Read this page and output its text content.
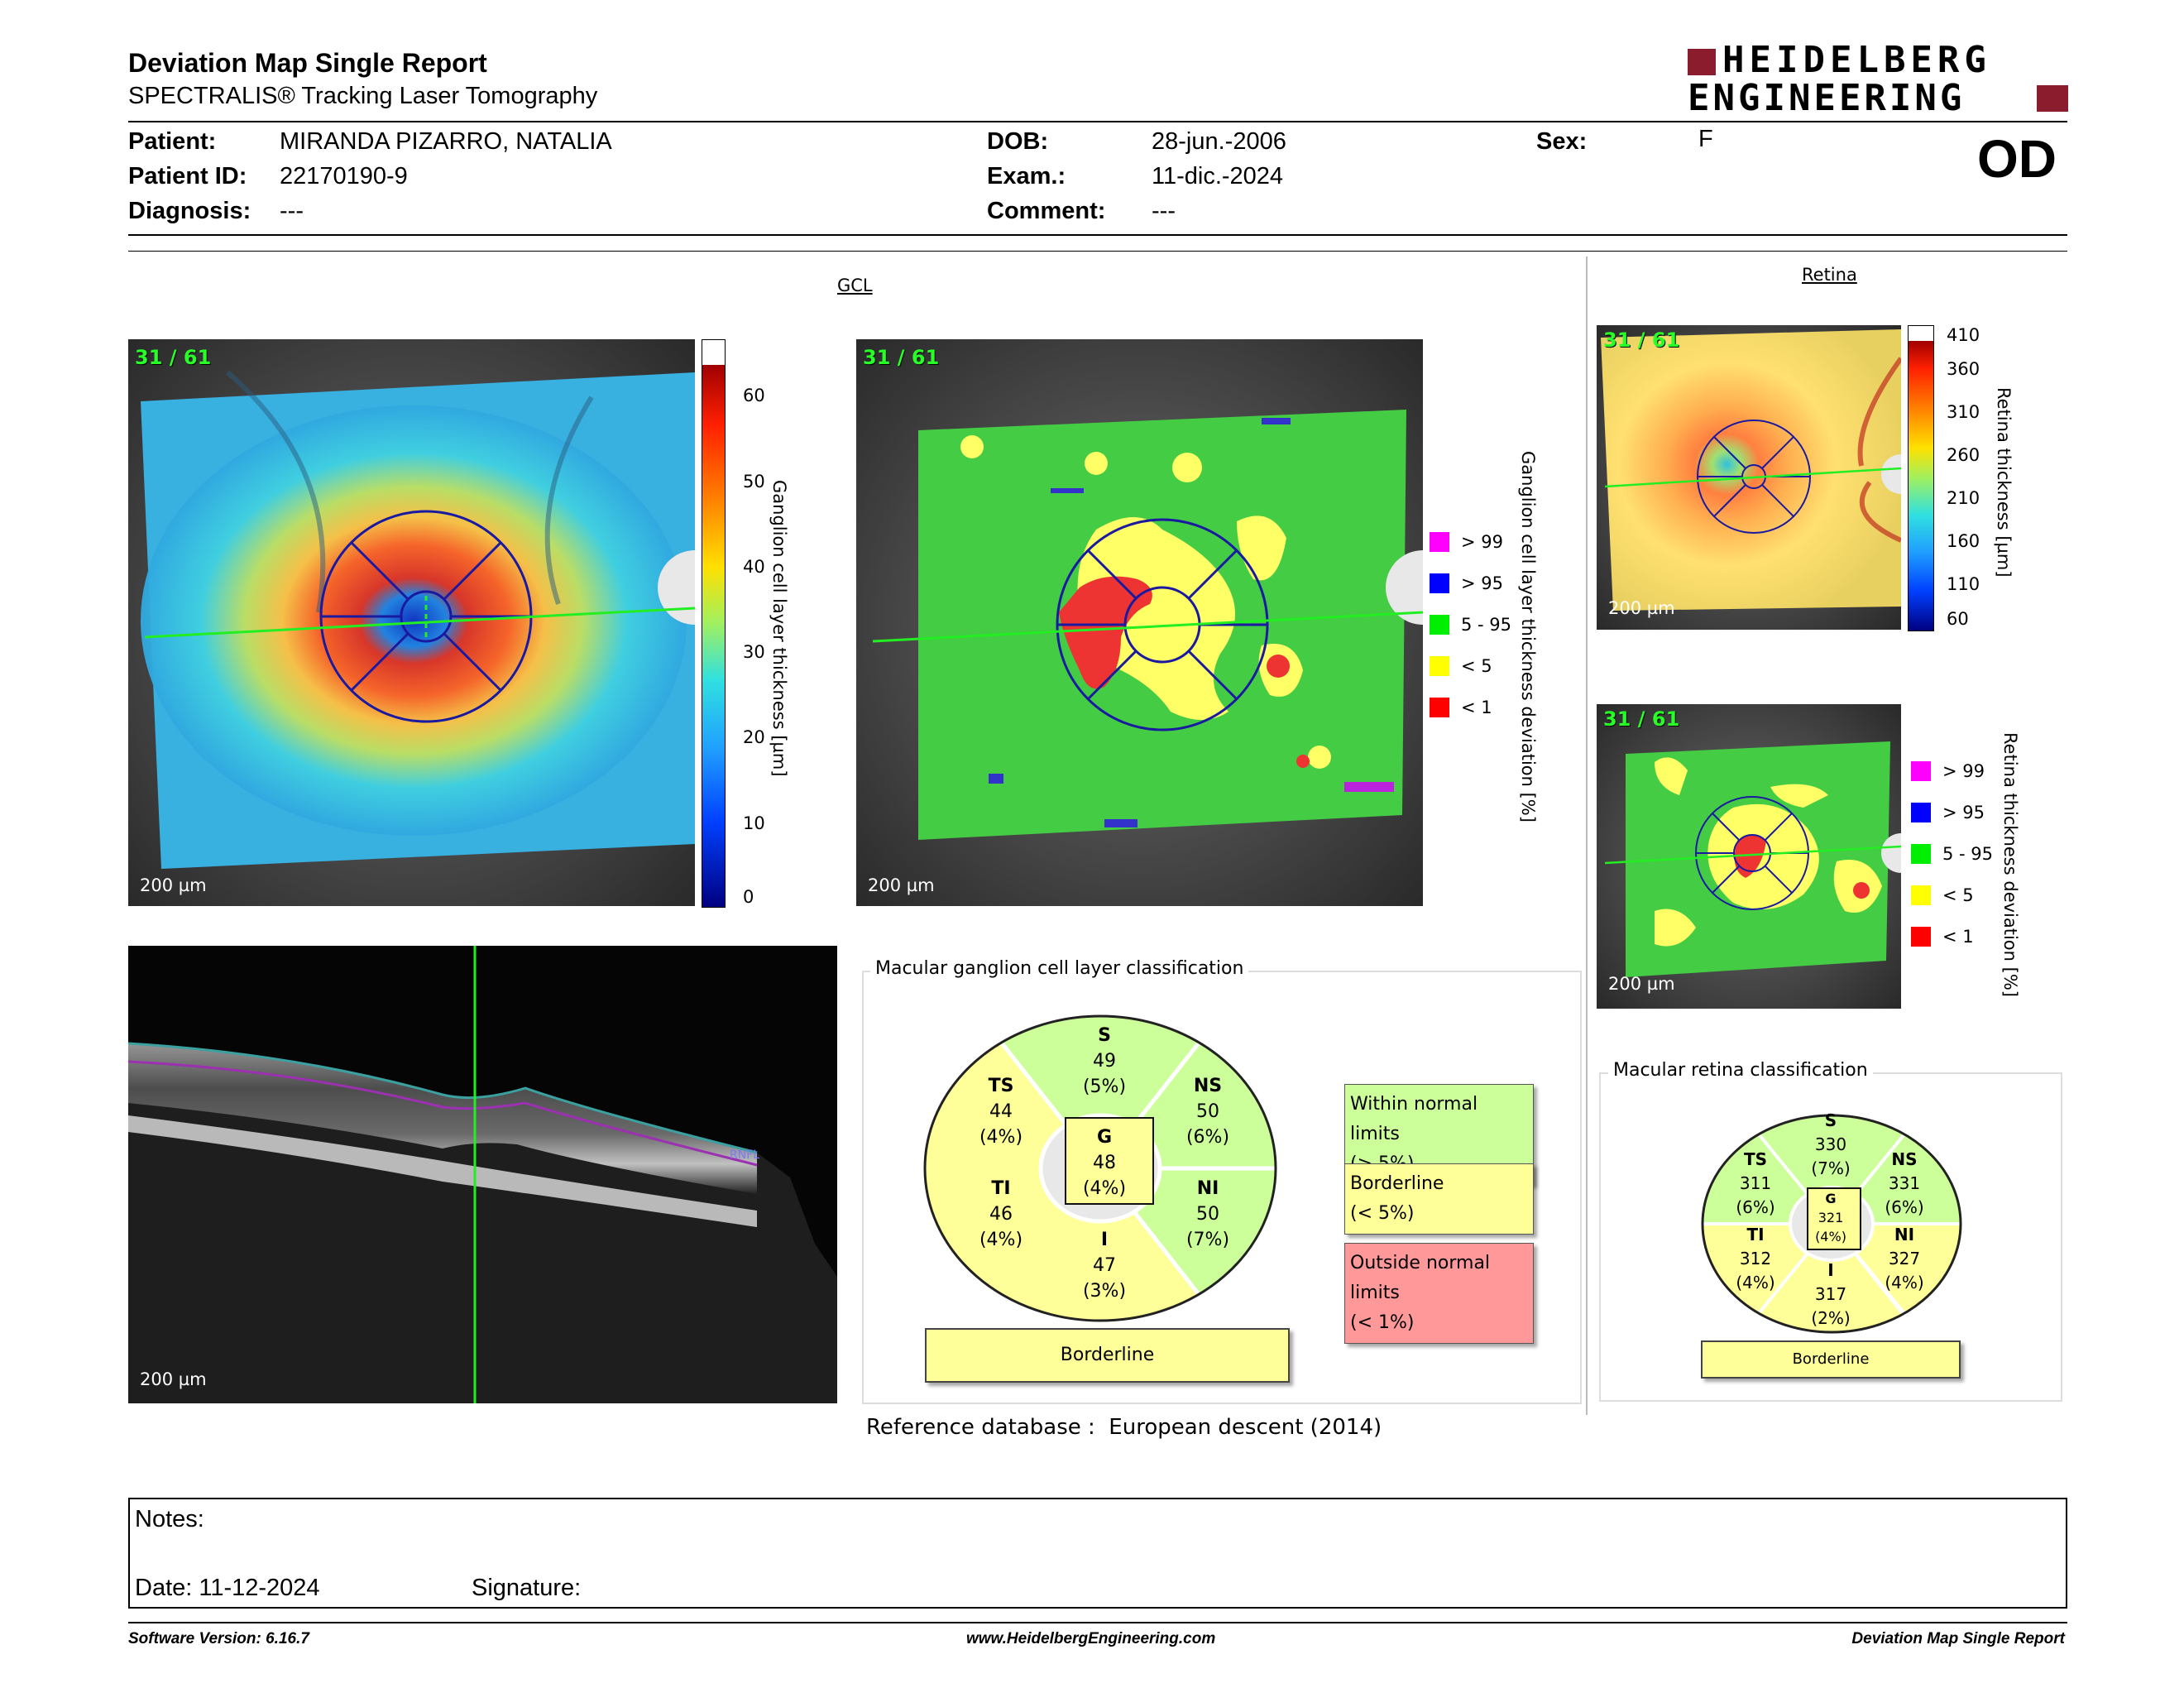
Deviation Map Single Report
SPECTRALIS® Tracking Laser Tomography
HEIDELBERG
ENGINEERING
Patient:	MIRANDA PIZARRO, NATALIA
Patient ID: 22170190-9
Diagnosis: ---
DOB:	28-jun.-2006
Exam.:	11-dic.-2024
Comment: ---
Sex:	F	OD
GCL
Retina
31 / 61
200 µm
60
50
40
30
20
10
0
Ganglion cell layer thickness [µm]
31 / 61
200 µm
Ganglion cell layer thickness deviation [%]
> 99
> 95
5 - 95
< 5
< 1
31 / 61
200 µm
410
360
310
260
210
160
110
60
Retina thickness [µm]
31 / 61
200 µm	Retina thickness deviation [%]
> 99
> 95
5 - 95
< 5
< 1
RNFL
200 µm
Macular ganglion cell layer classification
S
49
(5%)
TS
44
(4%)
NS
50
(6%)
G
48
(4%)
TI
46
(4%)
NI
50
(7%)
I
47
(3%)
Borderline
Within normal limits
Borderline
(< 5%)
Outside normal limits
(< 1%)
Reference database : European descent (2014)
Macular retina classification
S
330
(7%)
TS
311
(6%)
NS
331
(6%)
G
321
(4%)
TI
312
(4%)
NI
327
(4%)
I
317
(2%)
Borderline
Notes:
Date: 11-12-2024	Signature:
Software Version: 6.16.7	www.HeidelbergEngineering.com	Deviation Map Single Report
